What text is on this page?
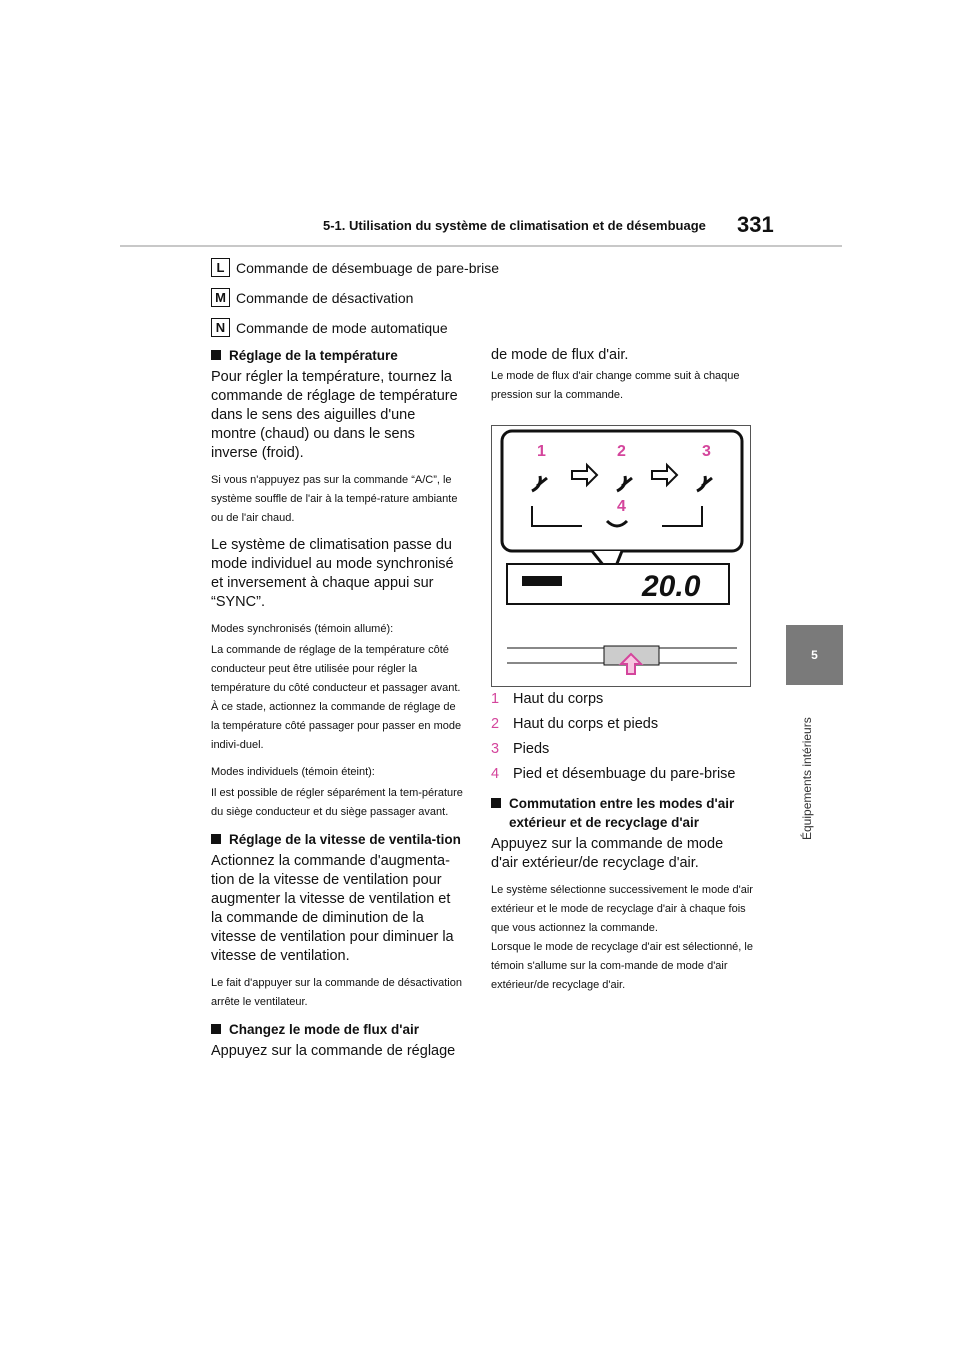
5-1. Utilisation du système de climatisation et de désembuage 331
5
Équipements intérieurs
L Commande de désembuage de pare-brise
M Commande de désactivation
N Commande de mode automatique
Réglage de la température

Pour régler la température, tournez la commande de réglage de température dans le sens des aiguilles d'une montre (chaud) ou dans le sens inverse (froid).

Si vous n'appuyez pas sur la commande “A/C”, le système souffle de l'air à la tempé-rature ambiante ou de l'air chaud.

Le système de climatisation passe du mode individuel au mode synchronisé et inversement à chaque appui sur “SYNC”.

Modes synchronisés (témoin allumé):

La commande de réglage de la température côté conducteur peut être utilisée pour régler la température du côté conducteur et passager avant. À ce stade, actionnez la commande de réglage de la température côté passager pour passer en mode indivi-duel.

Modes individuels (témoin éteint):

Il est possible de régler séparément la tem-pérature du siège conducteur et du siège passager avant.

Réglage de la vitesse de ventila-tion

Actionnez la commande d'augmenta-tion de la vitesse de ventilation pour augmenter la vitesse de ventilation et la commande de diminution de la vitesse de ventilation pour diminuer la vitesse de ventilation.

Le fait d'appuyer sur la commande de désactivation arrête le ventilateur.

Changez le mode de flux d'air

Appuyez sur la commande de réglage

de mode de flux d'air.

Le mode de flux d'air change comme suit à chaque pression sur la commande.

1	2	3
4
20.0
1 Haut du corps
2 Haut du corps et pieds
3 Pieds
4 Pied et désembuage du pare-brise
Commutation entre les modes d'air extérieur et de recyclage d'air

Appuyez sur la commande de mode d'air extérieur/de recyclage d'air.

Le système sélectionne successivement le mode d'air extérieur et le mode de recyclage d'air à chaque fois que vous actionnez la commande.

Lorsque le mode de recyclage d'air est sélectionné, le témoin s'allume sur la com-mande de mode d'air extérieur/de recyclage d'air.
